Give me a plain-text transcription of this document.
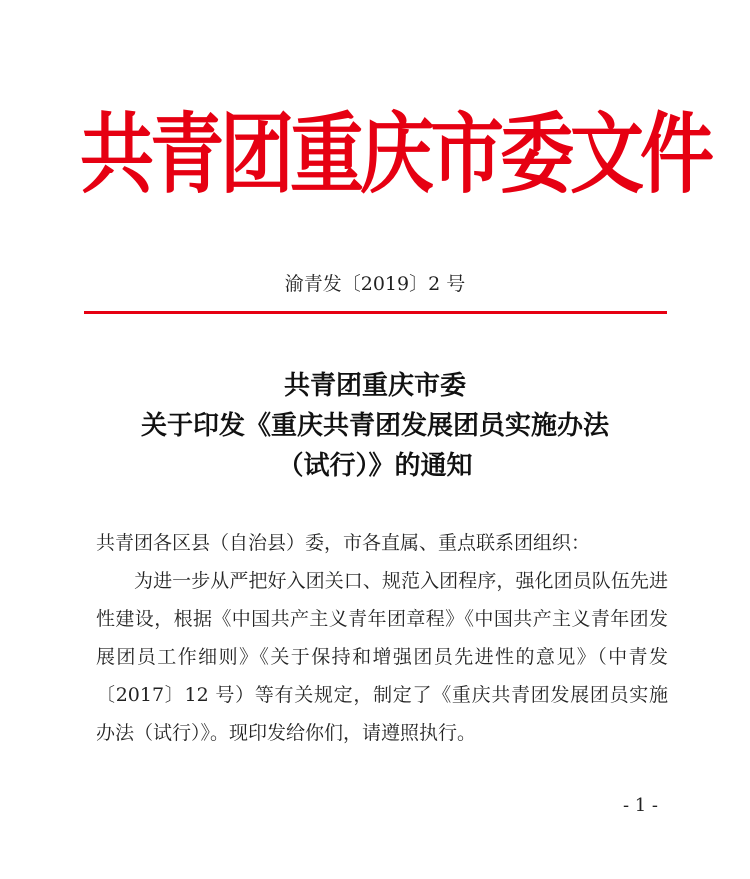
共青团重庆市委文件
渝青发〔2019〕2 号
共青团重庆市委
关于印发《重庆共青团发展团员实施办法
（试行）》的通知
共青团各区县（自治县）委，市各直属、重点联系团组织：
为进一步从严把好入团关口、规范入团程序，强化团员队伍先进性建设，根据《中国共产主义青年团章程》《中国共产主义青年团发展团员工作细则》《关于保持和增强团员先进性的意见》（中青发〔2017〕12 号）等有关规定，制定了《重庆共青团发展团员实施办法（试行）》。现印发给你们，请遵照执行。
- 1 -
